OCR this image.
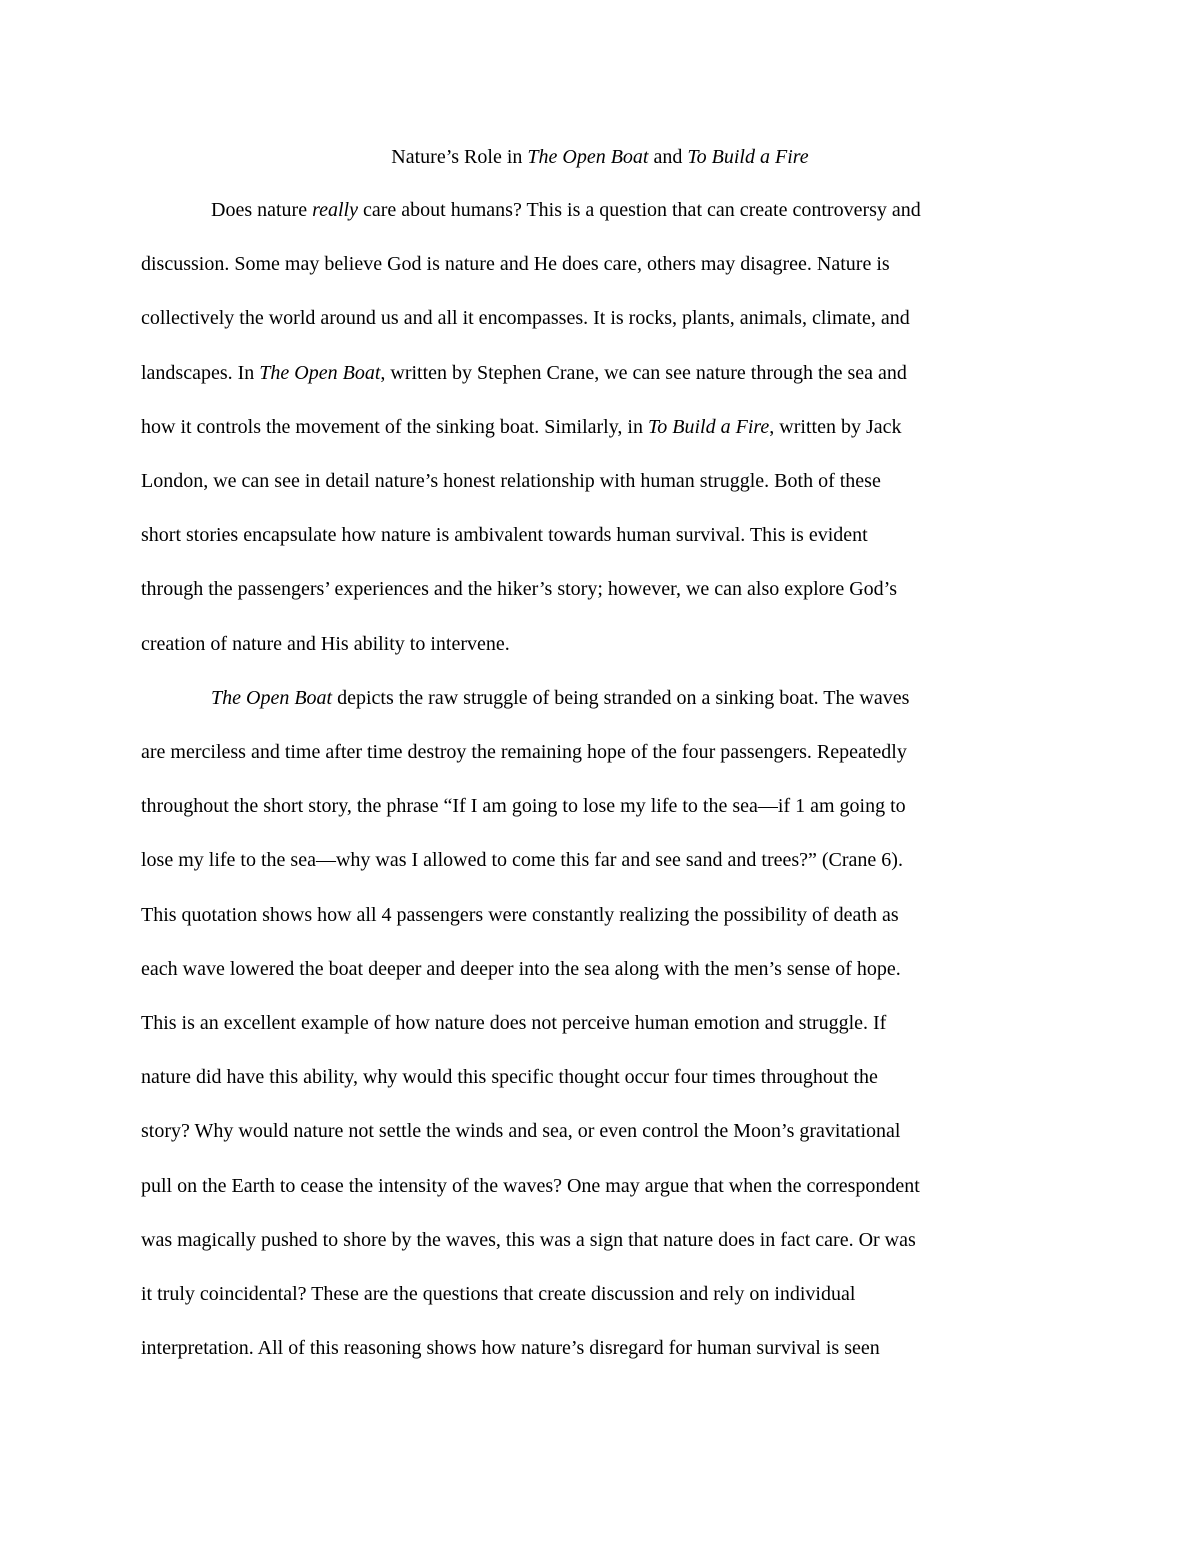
Nature’s Role in The Open Boat and To Build a Fire
Does nature really care about humans? This is a question that can create controversy and
discussion. Some may believe God is nature and He does care, others may disagree. Nature is
collectively the world around us and all it encompasses. It is rocks, plants, animals, climate, and
landscapes. In The Open Boat, written by Stephen Crane, we can see nature through the sea and
how it controls the movement of the sinking boat. Similarly, in To Build a Fire, written by Jack
London, we can see in detail nature’s honest relationship with human struggle. Both of these
short stories encapsulate how nature is ambivalent towards human survival. This is evident
through the passengers’ experiences and the hiker’s story; however, we can also explore God’s
creation of nature and His ability to intervene.
The Open Boat depicts the raw struggle of being stranded on a sinking boat. The waves
are merciless and time after time destroy the remaining hope of the four passengers. Repeatedly
throughout the short story, the phrase “If I am going to lose my life to the sea—if 1 am going to
lose my life to the sea—why was I allowed to come this far and see sand and trees?” (Crane 6).
This quotation shows how all 4 passengers were constantly realizing the possibility of death as
each wave lowered the boat deeper and deeper into the sea along with the men’s sense of hope.
This is an excellent example of how nature does not perceive human emotion and struggle. If
nature did have this ability, why would this specific thought occur four times throughout the
story? Why would nature not settle the winds and sea, or even control the Moon’s gravitational
pull on the Earth to cease the intensity of the waves? One may argue that when the correspondent
was magically pushed to shore by the waves, this was a sign that nature does in fact care. Or was
it truly coincidental? These are the questions that create discussion and rely on individual
interpretation. All of this reasoning shows how nature’s disregard for human survival is seen
